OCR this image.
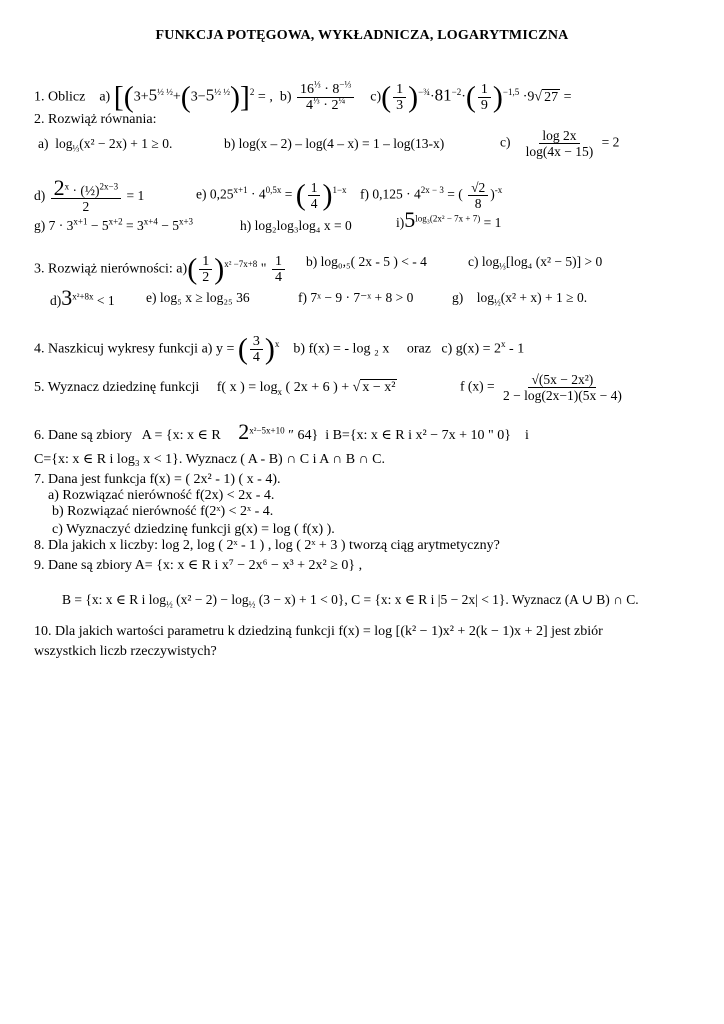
FUNKCJA POTĘGOWA, WYKŁADNICZA, LOGARYTMICZNA
1. Oblicz a) [$(3+5^{\frac{1}{2} \frac{1}{2}}+(3-5^{\frac{1}{2} \frac{1}{2}})]^2$ = , $b) \frac{16^{\frac{1}{3}} \cdot 8^{-\frac{1}{3}}}{4^{\frac{1}{3}} \cdot 2^{\frac{1}{4}}} c)( \frac{1}{3} )^{-\frac{3}{4}}\cdot 81^{-2}\cdot( \frac{1}{9} )^{-1,5} \cdot 9√$ 27 =
2. Rozwiąż równania:
a)  $\log_{\frac{1}{3}}(x^2 - 2x) + 1 \ge 0$.	b) log(x – 2) – log(4 – x) = 1 – log(13-x)	$c) \frac{\log 2x}{\log(4x - 15)} = 2$
$d) \frac{2^x \cdot (\frac{1}{2})^{2x-3}}{2} = 1$	e) $0,25^{x+1} \cdot 4^{0,5x}$ = ( $\frac{1}{4} )^{1-x}$ f) $0,125 \cdot 4^{2x - 3}$ = ( $\frac{√2}{8} )^{-x}$
g) $7 \cdot 3^{x+1} - 5^{x+2} = 3^{x+4} - 5^{x+3}$	h) log₂log₃log₄ x = 0	$i)5^{log_3(2x^2 - 7x + 7)} = 1$
3. Rozwiąż nierówności: $a)( \frac{1}{2} )^{x^2 -7x+8}$ " $\frac{1}{4} b$) log₀,₅( 2x - 5 ) < - 4	c) $\log_{\frac{1}{3}}[\log_4$ (x² − 5)] > 0
$d)3^{x^2+8x} < 1$ e) log₅ x ≥ log₂₅ 36	f) 7ˣ − 9 · 7⁻ˣ + 8 > 0	g)    $\log_{\frac{1}{2}}(x^2 + x) + 1 \ge 0$.
4. Naszkicuj wykresy funkcji a) y = ( $\frac{3}{4} )^x$ b) f(x) = - log ₂ x oraz c) $g(x) = 2^x - 1$
5. Wyznacz dziedzinę funkcji f( x ) = $\log_x$ ( 2x + 6 ) + √ x − x²	f $(x) = \frac{\text{√(5x − 2x²)}}{2 - \log(2x-1)(5x - 4)}$
6. Dane są zbiory A = {x: x ∈ R $2^{x^2-5x+10}$ ″ 64} i B={x: x ∈ R i x² − 7x + 10 " 0} i
C={x: x ∈ R i log₃ x < 1}. Wyznacz ( A - B) ∩ C i A ∩ B ∩ C.
7. Dana jest funkcja f(x) = ( 2x² - 1) ( x - 4).
a) Rozwiązać nierówność f(2x) < 2x - 4.
b) Rozwiązać nierówność f(2ˣ) < 2ˣ - 4.
c) Wyznaczyć dziedzinę funkcji g(x) = log ( f(x) ).
8. Dla jakich x liczby: log 2, log ( 2ˣ - 1 ) , log ( 2ˣ + 3 ) tworzą ciąg arytmetyczny?
9. Dane są zbiory A= {x: x ∈ R i x⁷ − 2x⁶ − x³ + 2x² ≥ 0} ,
B = {x: x ∈ R i $\log_{\frac{1}{2}} (x^2 - 2) - \log_{\frac{1}{2}} (3 - x) + 1 < 0$}, C = {x: x ∈ R i |5 − 2x| < 1}. Wyznacz (A ∪ B) ∩ C.
10. Dla jakich wartości parametru k dziedziną funkcji f(x) = log [(k² − 1)x² + 2(k − 1)x + 2] jest zbiór
wszystkich liczb rzeczywistych?
